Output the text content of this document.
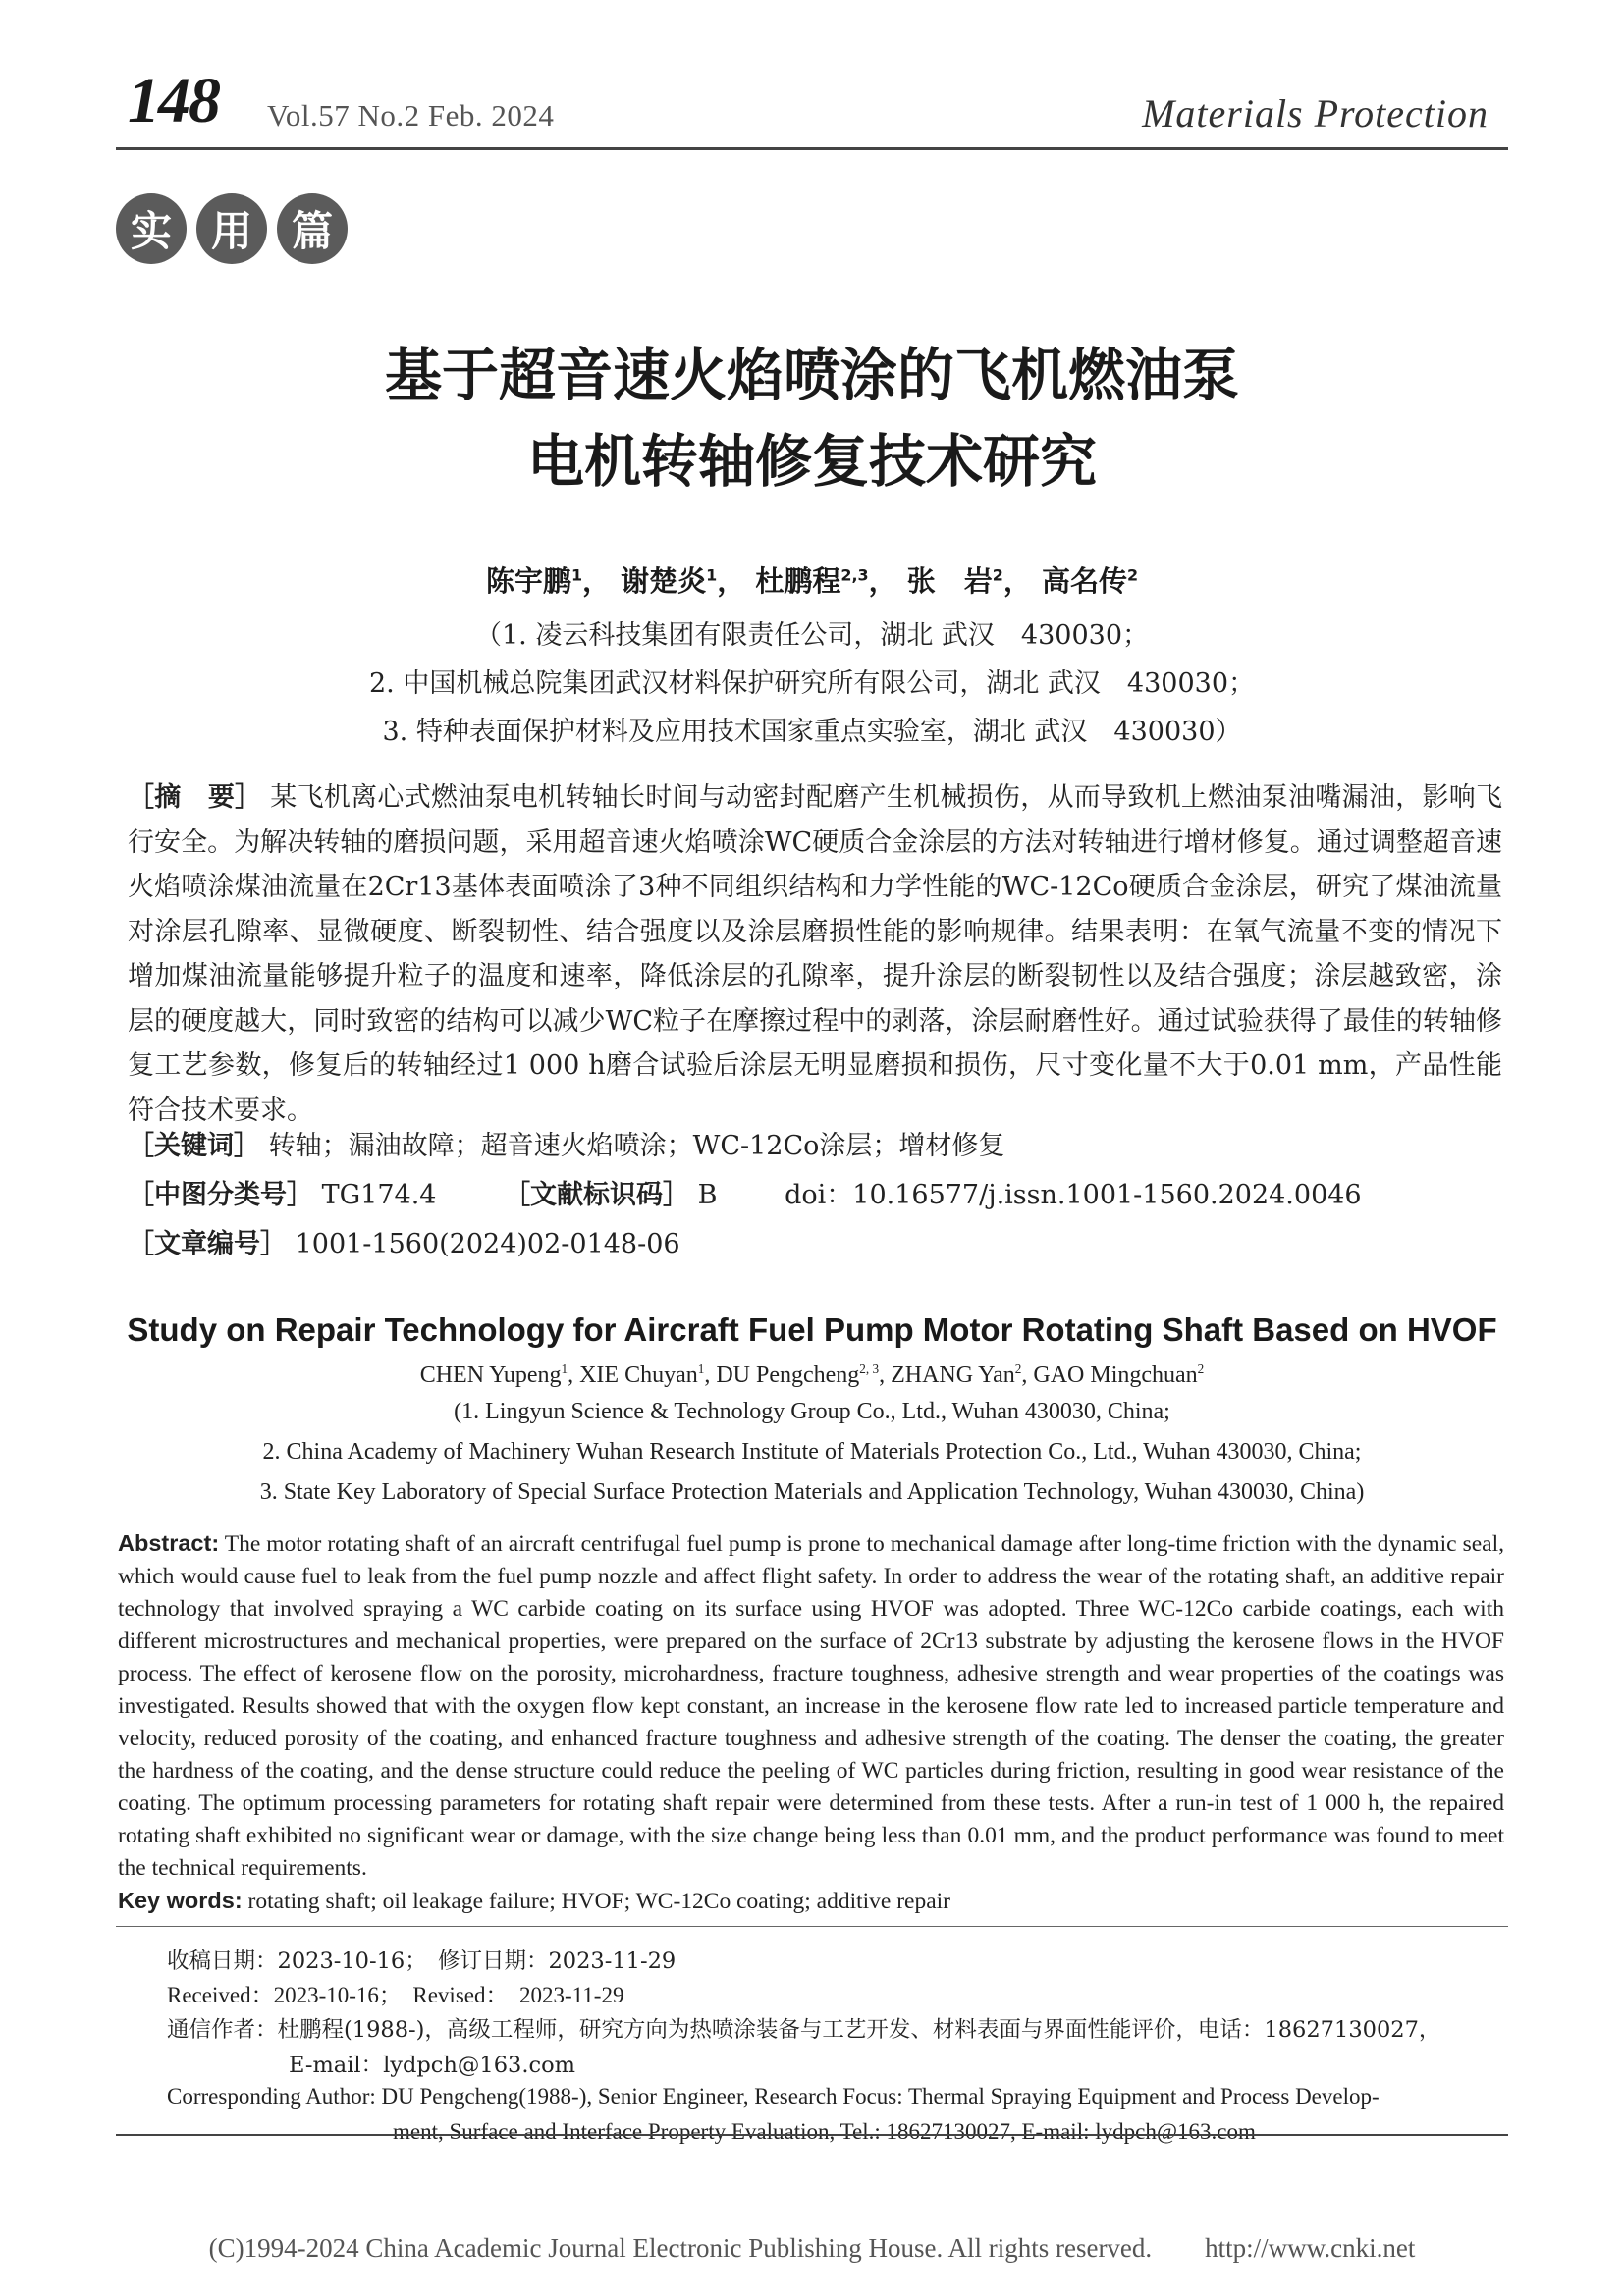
148 Vol.57 No.2 Feb. 2024	Materials Protection
实 用 篇
基于超音速火焰喷涂的飞机燃油泵
电机转轴修复技术研究
陈宇鹏$^1$， 谢楚炎$^1$， 杜鹏程$^{2,3}$， 张　岩$^2$， 高名传$^2$
（1. 凌云科技集团有限责任公司，湖北 武汉　430030；
2. 中国机械总院集团武汉材料保护研究所有限公司，湖北 武汉　430030；
3. 特种表面保护材料及应用技术国家重点实验室，湖北 武汉　430030）
［摘　要］ 某飞机离心式燃油泵电机转轴长时间与动密封配磨产生机械损伤，从而导致机上燃油泵油嘴漏油，影响飞行安全。为解决转轴的磨损问题，采用超音速火焰喷涂WC硬质合金涂层的方法对转轴进行增材修复。通过调整超音速火焰喷涂煤油流量在2Cr13基体表面喷涂了3种不同组织结构和力学性能的WC-12Co硬质合金涂层，研究了煤油流量对涂层孔隙率、显微硬度、断裂韧性、结合强度以及涂层磨损性能的影响规律。结果表明：在氧气流量不变的情况下增加煤油流量能够提升粒子的温度和速率，降低涂层的孔隙率，提升涂层的断裂韧性以及结合强度；涂层越致密，涂层的硬度越大，同时致密的结构可以减少WC粒子在摩擦过程中的剥落，涂层耐磨性好。通过试验获得了最佳的转轴修复工艺参数，修复后的转轴经过1 000 h磨合试验后涂层无明显磨损和损伤，尺寸变化量不大于0.01 mm，产品性能符合技术要求。
［关键词］ 转轴；漏油故障；超音速火焰喷涂；WC-12Co涂层；增材修复
［中图分类号］ TG174.4	［文献标识码］ B	doi：10.16577/j.issn.1001-1560.2024.0046
［文章编号］ 1001-1560(2024)02-0148-06
Study on Repair Technology for Aircraft Fuel Pump Motor Rotating Shaft Based on HVOF
CHEN Yupeng$^1$, XIE Chuyan$^1$, DU Pengcheng$^{2, 3}$, ZHANG Yan$^2$, GAO Mingchuan$^2$
(1. Lingyun Science & Technology Group Co., Ltd., Wuhan 430030, China;
2. China Academy of Machinery Wuhan Research Institute of Materials Protection Co., Ltd., Wuhan 430030, China;
3. State Key Laboratory of Special Surface Protection Materials and Application Technology, Wuhan 430030, China)
Abstract: The motor rotating shaft of an aircraft centrifugal fuel pump is prone to mechanical damage after long-time friction with the dynamic seal, which would cause fuel to leak from the fuel pump nozzle and affect flight safety. In order to address the wear of the rotating shaft, an additive repair technology that involved spraying a WC carbide coating on its surface using HVOF was adopted. Three WC-12Co carbide coatings, each with different microstructures and mechanical properties, were prepared on the surface of 2Cr13 substrate by adjusting the kerosene flows in the HVOF process. The effect of kerosene flow on the porosity, microhardness, fracture toughness, adhesive strength and wear properties of the coatings was investigated. Results showed that with the oxygen flow kept constant, an increase in the kerosene flow rate led to increased particle temperature and velocity, reduced porosity of the coating, and enhanced fracture toughness and adhesive strength of the coating. The denser the coating, the greater the hardness of the coating, and the dense structure could reduce the peeling of WC particles during friction, resulting in good wear resistance of the coating. The optimum processing parameters for rotating shaft repair were determined from these tests. After a run-in test of 1 000 h, the repaired rotating shaft exhibited no significant wear or damage, with the size change being less than 0.01 mm, and the product performance was found to meet the technical requirements.
Key words: rotating shaft; oil leakage failure; HVOF; WC-12Co coating; additive repair
收稿日期：2023-10-16；　修订日期：2023-11-29
Received：2023-10-16；　Revised：　2023-11-29
通信作者：杜鹏程(1988-)，高级工程师，研究方向为热喷涂装备与工艺开发、材料表面与界面性能评价，电话：18627130027，
E-mail：lydpch@163.com
Corresponding Author: DU Pengcheng(1988-), Senior Engineer, Research Focus: Thermal Spraying Equipment and Process Develop-
ment, Surface and Interface Property Evaluation, Tel.: 18627130027, E-mail: lydpch@163.com
(C)1994-2024 China Academic Journal Electronic Publishing House. All rights reserved.　　http://www.cnki.net
